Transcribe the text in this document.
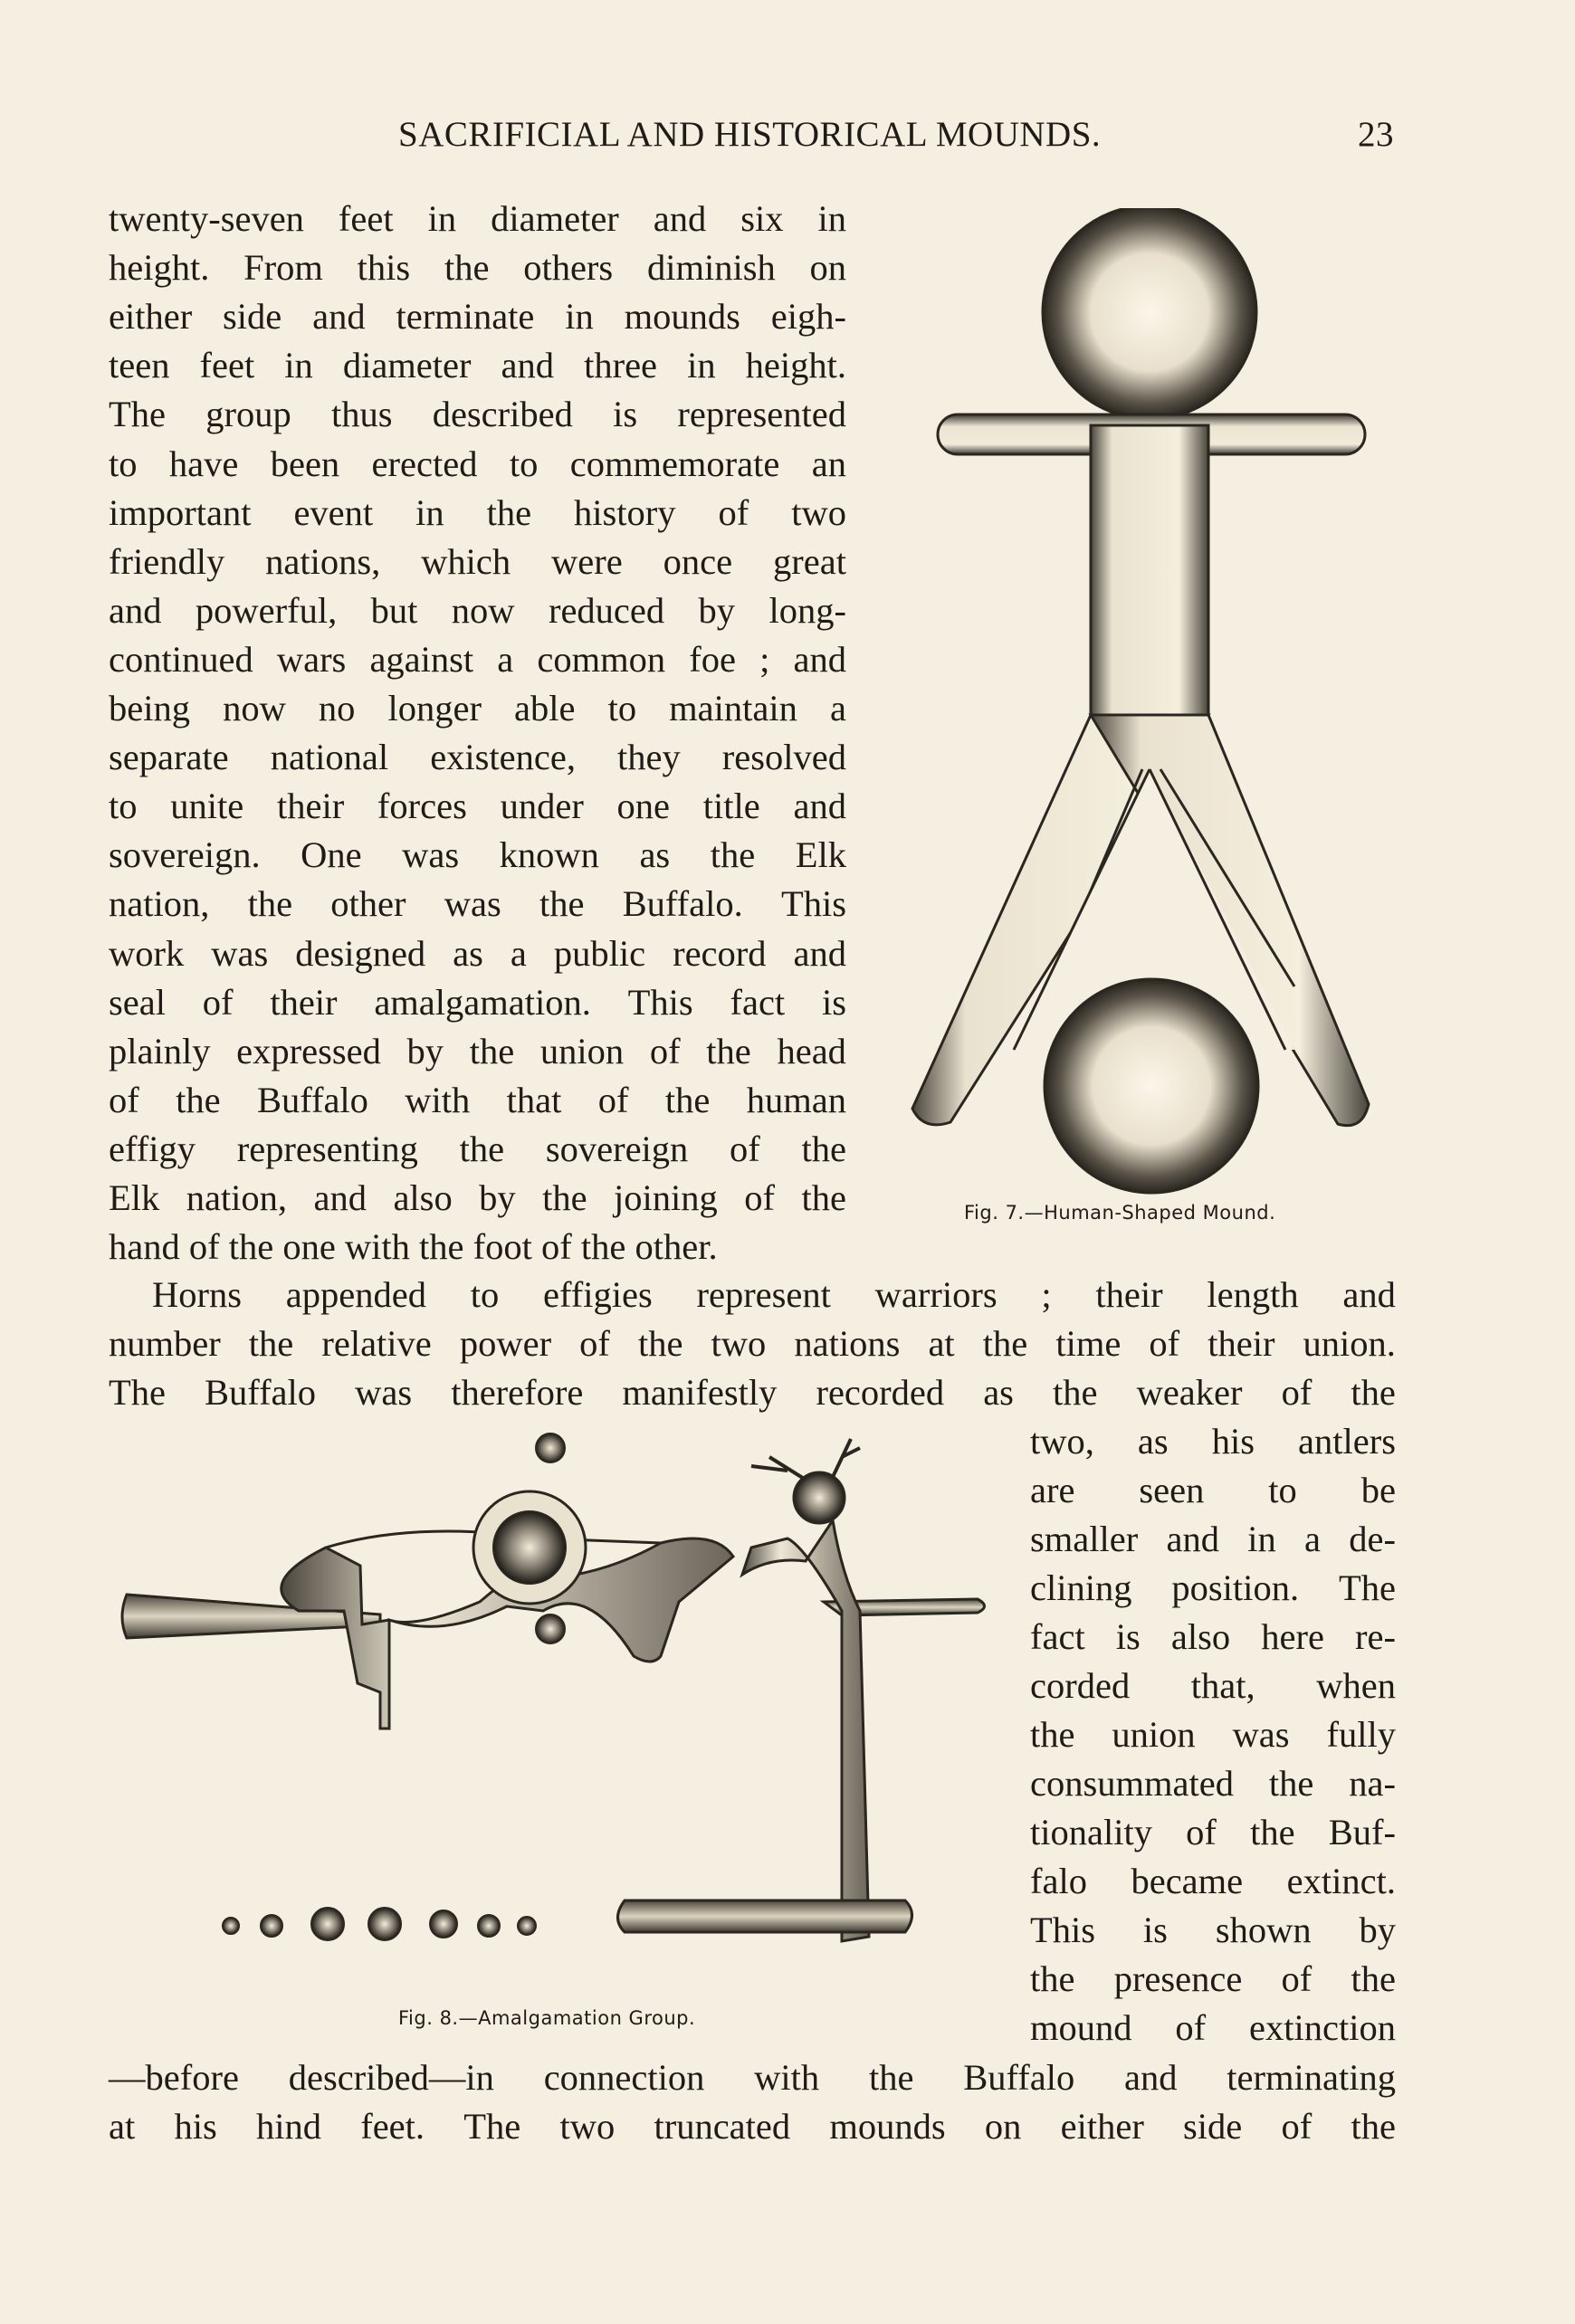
SACRIFICIAL AND HISTORICAL MOUNDS.	23
twenty-seven feet in diameter and six in
height. From this the others diminish on
either side and terminate in mounds eigh-
teen feet in diameter and three in height.
The group thus described is represented
to have been erected to commemorate an
important event in the history of two
friendly nations, which were once great
and powerful, but now reduced by long-
continued wars against a common foe ; and
being now no longer able to maintain a
separate national existence, they resolved
to unite their forces under one title and
sovereign. One was known as the Elk
nation, the other was the Buffalo. This
work was designed as a public record and
seal of their amalgamation. This fact is
plainly expressed by the union of the head
of the Buffalo with that of the human
effigy representing the sovereign of the
Elk nation, and also by the joining of the
hand of the one with the foot of the other.
Fig. 7.—Human-Shaped Mound.
Horns appended to effigies represent warriors ; their length and
number the relative power of the two nations at the time of their union.
The Buffalo was therefore manifestly recorded as the weaker of the
Fig. 8.—Amalgamation Group.
two, as his antlers
are seen to be
smaller and in a de-
clining position. The
fact is also here re-
corded that, when
the union was fully
consummated the na-
tionality of the Buf-
falo became extinct.
This is shown by
the presence of the
mound of extinction
—before described—in connection with the Buffalo and terminating
at his hind feet. The two truncated mounds on either side of the
